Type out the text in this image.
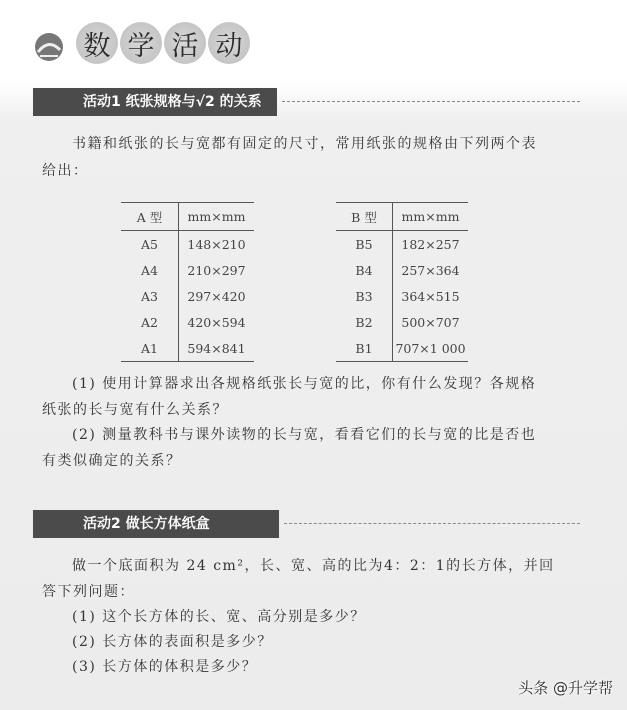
数 学 活 动
活动1 纸张规格与√2 的关系
书籍和纸张的长与宽都有固定的尺寸，常用纸张的规格由下列两个表
给出：
A 型	mm×mm
A5	148×210
A4	210×297
A3	297×420
A2	420×594
A1	594×841
B 型	mm×mm
B5	182×257
B4	257×364
B3	364×515
B2	500×707
B1	707×1 000
(1) 使用计算器求出各规格纸张长与宽的比，你有什么发现？各规格
纸张的长与宽有什么关系？
(2) 测量教科书与课外读物的长与宽，看看它们的长与宽的比是否也
有类似确定的关系？
活动2 做长方体纸盒
做一个底面积为 24 cm²，长、宽、高的比为4：2：1的长方体，并回
答下列问题：
(1) 这个长方体的长、宽、高分别是多少？
(2) 长方体的表面积是多少？
(3) 长方体的体积是多少？
头条 @升学帮
